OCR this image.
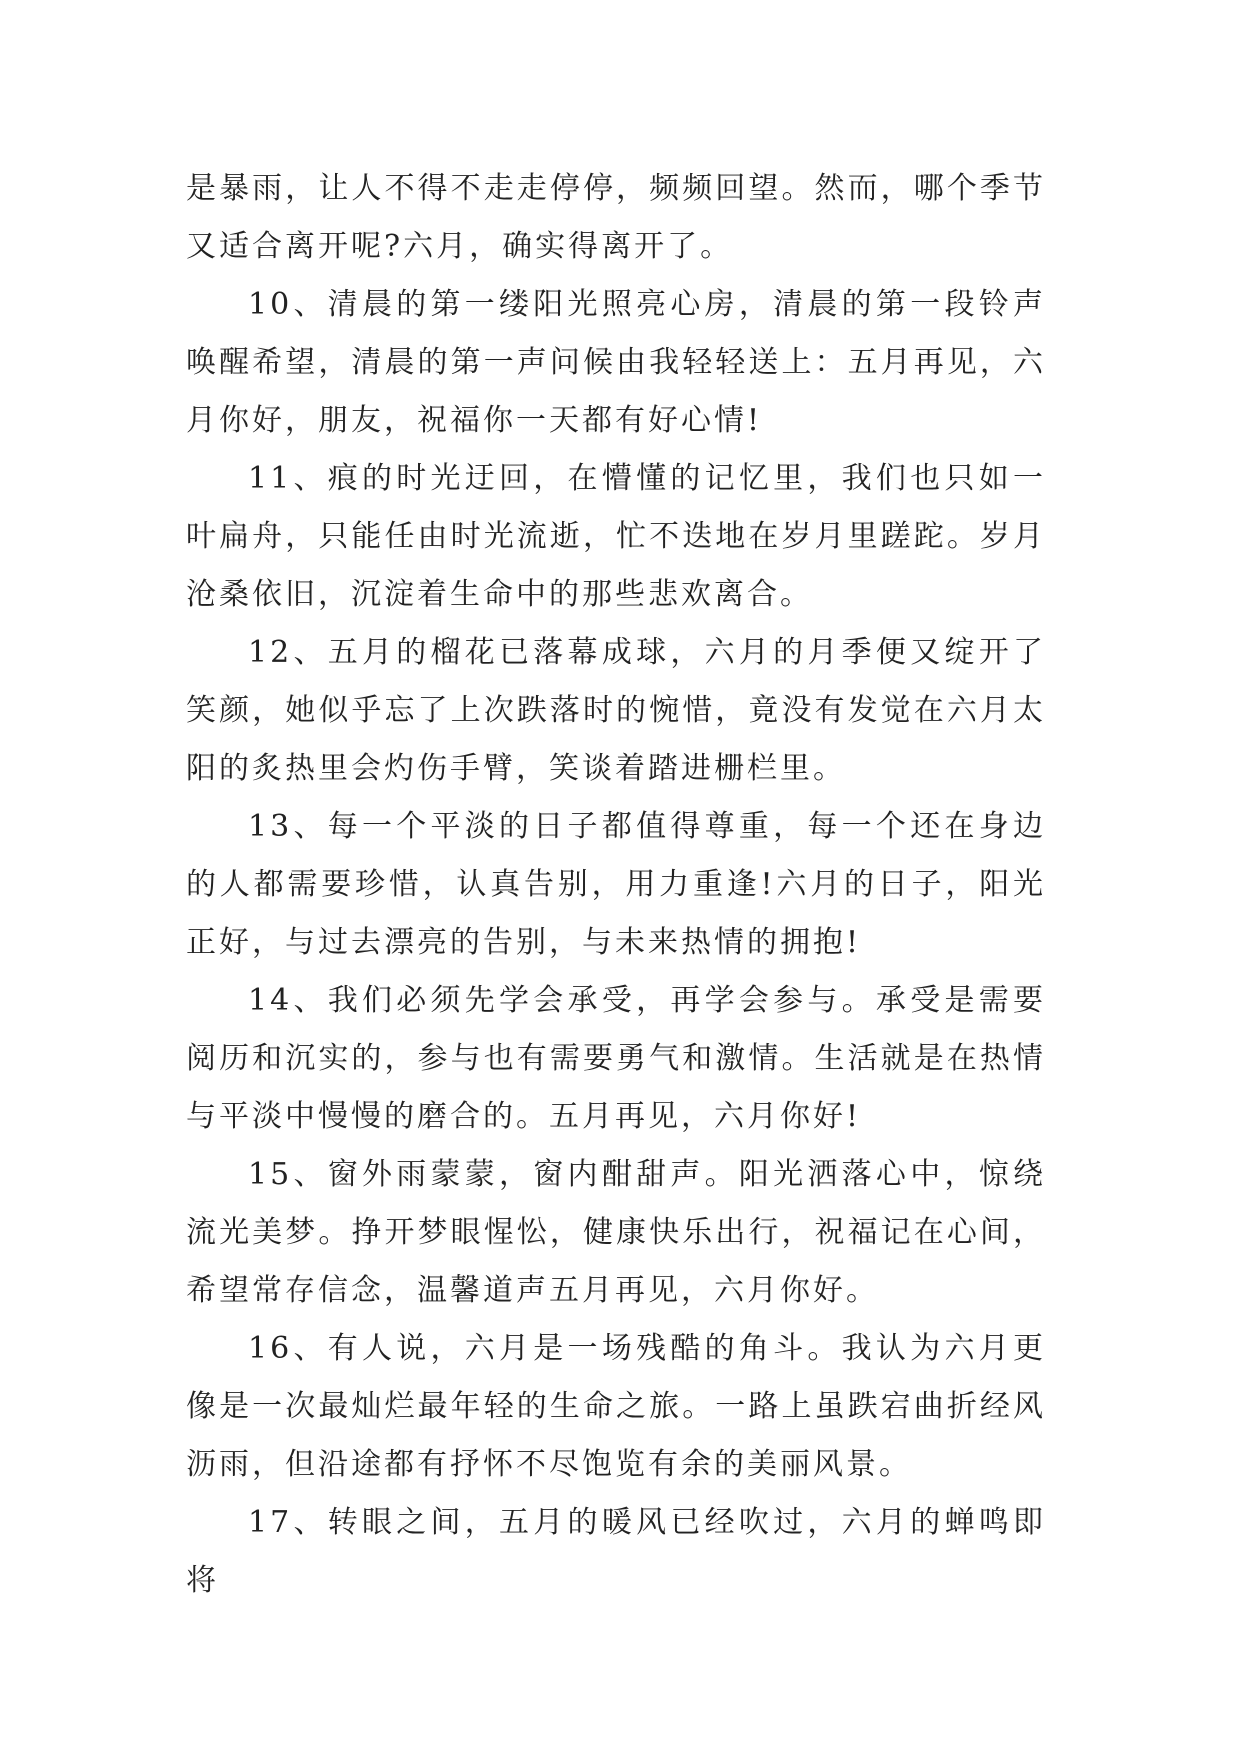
是暴雨，让人不得不走走停停，频频回望。然而，哪个季节又适合离开呢?六月，确实得离开了。

10、清晨的第一缕阳光照亮心房，清晨的第一段铃声唤醒希望，清晨的第一声问候由我轻轻送上：五月再见，六月你好，朋友，祝福你一天都有好心情!

11、痕的时光迂回，在懵懂的记忆里，我们也只如一叶扁舟，只能任由时光流逝，忙不迭地在岁月里蹉跎。岁月沧桑依旧，沉淀着生命中的那些悲欢离合。

12、五月的榴花已落幕成球，六月的月季便又绽开了笑颜，她似乎忘了上次跌落时的惋惜，竟没有发觉在六月太阳的炙热里会灼伤手臂，笑谈着踏进栅栏里。

13、每一个平淡的日子都值得尊重，每一个还在身边的人都需要珍惜，认真告别，用力重逢!六月的日子，阳光正好，与过去漂亮的告别，与未来热情的拥抱!

14、我们必须先学会承受，再学会参与。承受是需要阅历和沉实的，参与也有需要勇气和激情。生活就是在热情与平淡中慢慢的磨合的。五月再见，六月你好!

15、窗外雨蒙蒙，窗内酣甜声。阳光洒落心中，惊绕流光美梦。挣开梦眼惺忪，健康快乐出行，祝福记在心间，希望常存信念，温馨道声五月再见，六月你好。

16、有人说，六月是一场残酷的角斗。我认为六月更像是一次最灿烂最年轻的生命之旅。一路上虽跌宕曲折经风沥雨，但沿途都有抒怀不尽饱览有余的美丽风景。

17、转眼之间，五月的暖风已经吹过，六月的蝉鸣即将
